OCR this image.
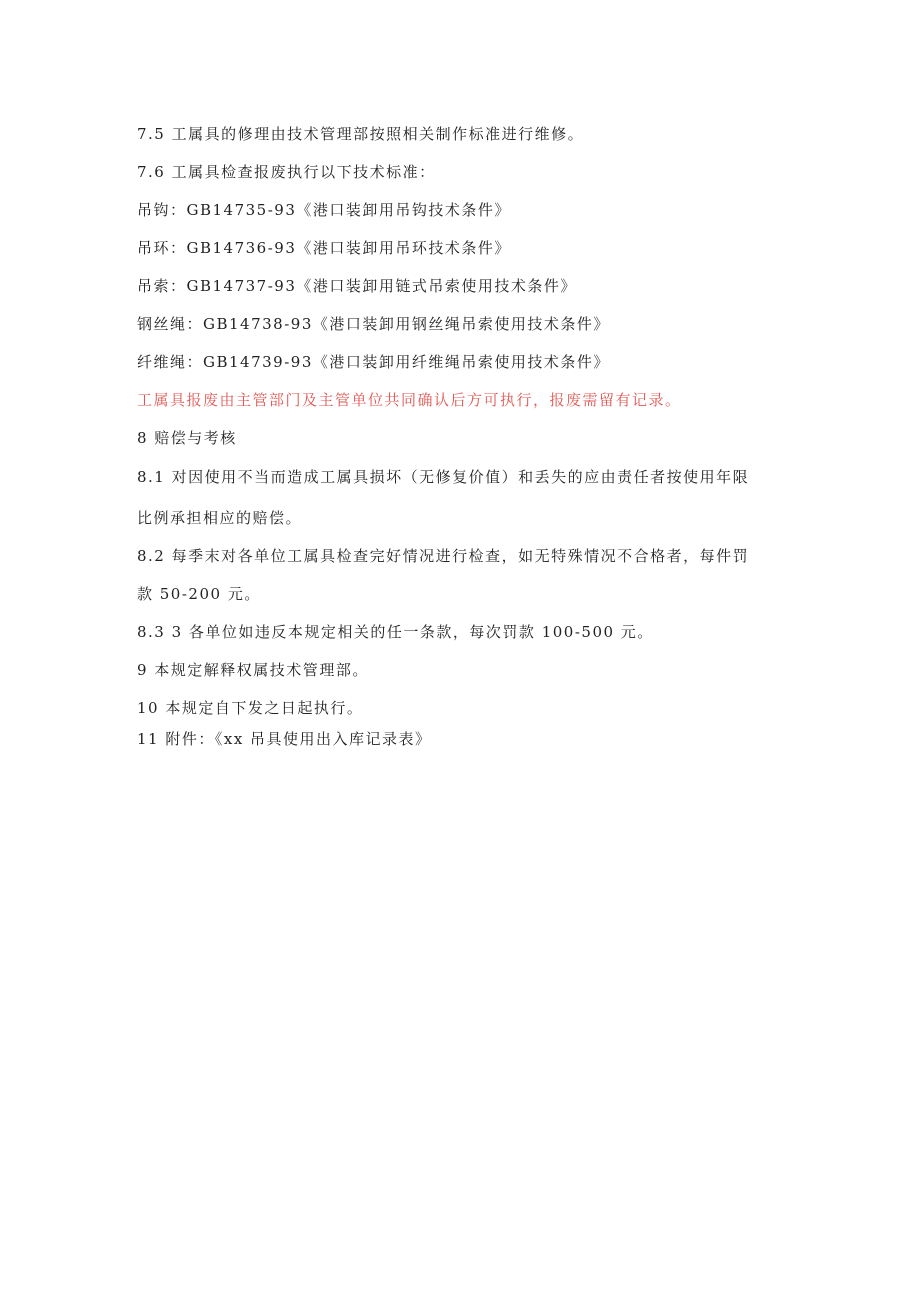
7.5 工属具的修理由技术管理部按照相关制作标准进行维修。
7.6 工属具检查报废执行以下技术标准：
吊钩：GB14735-93《港口装卸用吊钩技术条件》
吊环：GB14736-93《港口装卸用吊环技术条件》
吊索：GB14737-93《港口装卸用链式吊索使用技术条件》
钢丝绳：GB14738-93《港口装卸用钢丝绳吊索使用技术条件》
纤维绳：GB14739-93《港口装卸用纤维绳吊索使用技术条件》
工属具报废由主管部门及主管单位共同确认后方可执行，报废需留有记录。
8 赔偿与考核
8.1 对因使用不当而造成工属具损坏（无修复价值）和丢失的应由责任者按使用年限
比例承担相应的赔偿。
8.2 每季末对各单位工属具检查完好情况进行检查，如无特殊情况不合格者，每件罚
款 50-200 元。
8.3 3 各单位如违反本规定相关的任一条款，每次罚款 100-500 元。
9 本规定解释权属技术管理部。
10 本规定自下发之日起执行。
11 附件：《xx 吊具使用出入库记录表》
